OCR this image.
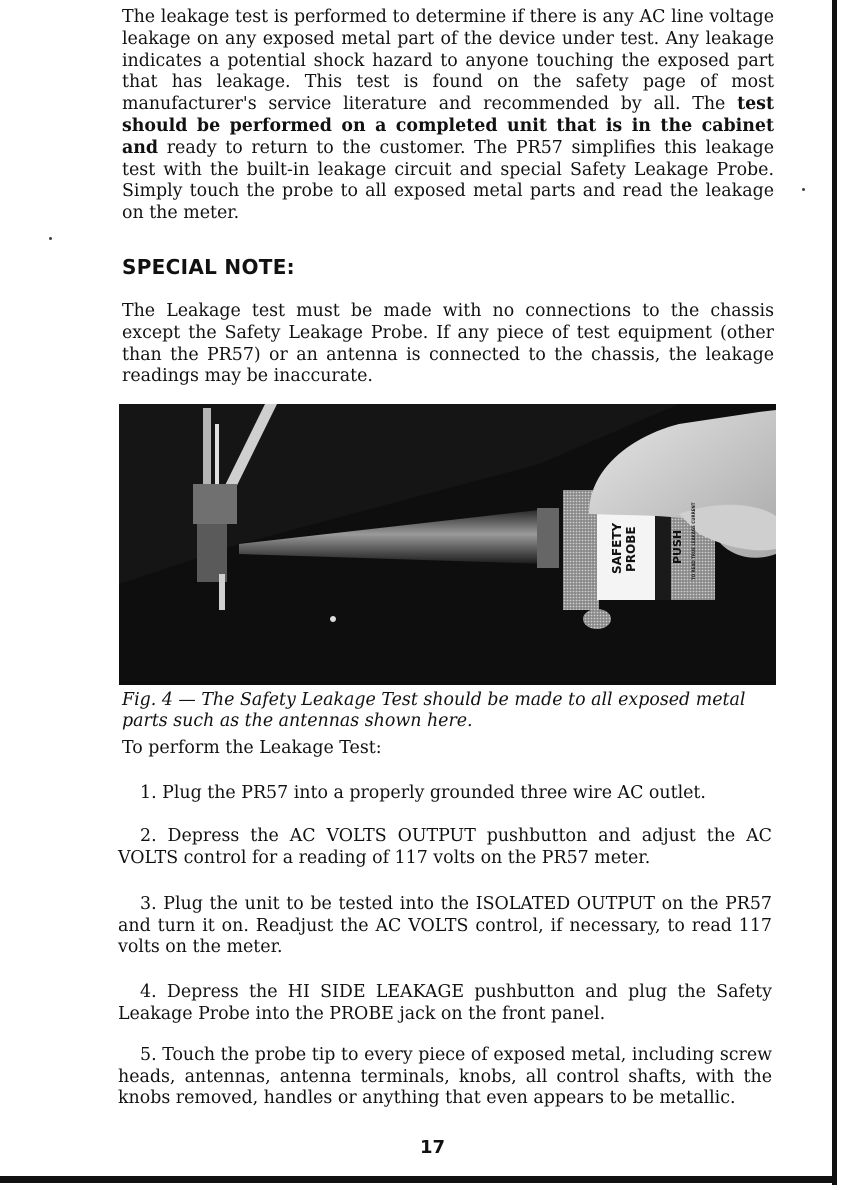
The leakage test is performed to determine if there is any AC line voltage leakage on any exposed metal part of the device under test. Any leakage indicates a potential shock hazard to anyone touching the exposed part that has leakage. This test is found on the safety page of most manufacturer's service literature and recommended by all. The test should be performed on a completed unit that is in the cabinet and ready to return to the customer. The PR57 simplifies this leakage test with the built-in leakage circuit and special Safety Leakage Probe. Simply touch the probe to all exposed metal parts and read the leakage on the meter.

SPECIAL NOTE:

The Leakage test must be made with no connections to the chassis except the Safety Leakage Probe. If any piece of test equipment (other than the PR57) or an antenna is connected to the chassis, the leakage readings may be inaccurate.

SAFETY PROBE	PUSH TO READ TRUE LEAKAGE CURRENT
Fig. 4 — The Safety Leakage Test should be made to all exposed metal parts such as the antennas shown here.
To perform the Leakage Test:

1. Plug the PR57 into a properly grounded three wire AC outlet.

2. Depress the AC VOLTS OUTPUT pushbutton and adjust the AC VOLTS control for a reading of 117 volts on the PR57 meter.

3. Plug the unit to be tested into the ISOLATED OUTPUT on the PR57 and turn it on. Readjust the AC VOLTS control, if necessary, to read 117 volts on the meter.

4. Depress the HI SIDE LEAKAGE pushbutton and plug the Safety Leakage Probe into the PROBE jack on the front panel.

5. Touch the probe tip to every piece of exposed metal, including screw heads, antennas, antenna terminals, knobs, all control shafts, with the knobs removed, handles or anything that even appears to be metallic.

17
